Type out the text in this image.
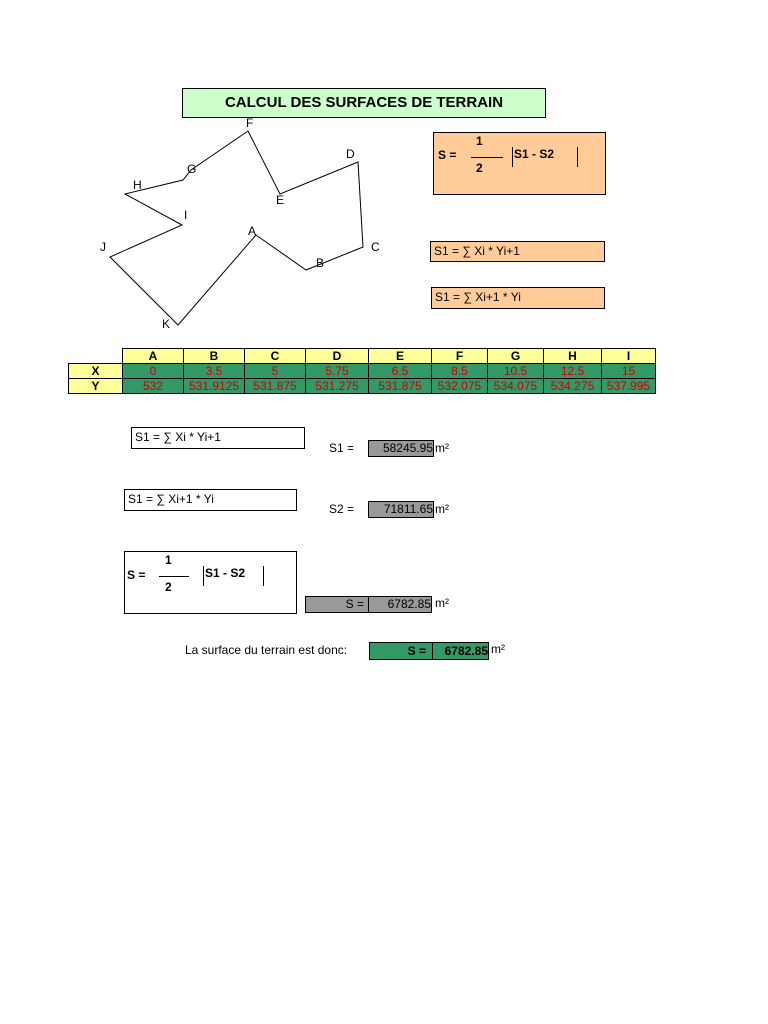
CALCUL DES SURFACES DE TERRAIN
A
B
C
D
E
F
G
H
I
J
K
S =
1
2
S1 - S2
S1 = ∑ Xi * Yi+1
S1 = ∑ Xi+1 * Yi
	A	B	C	D	E	F	G	H	I
X	0	3.5	5	5.75	6.5	8.5	10.5	12.5	15
Y	532	531.9125	531.875	531.275	531.875	532.075	534.075	534.275	537.995
S1 = ∑ Xi * Yi+1
S1 =	58245.95 m²
S1 = ∑ Xi+1 * Yi
S2 =	71811.65 m²
S =
1
2
S1 - S2
S =	6782.85 m²
La surface du terrain est donc:	S =	6782.85 m²
